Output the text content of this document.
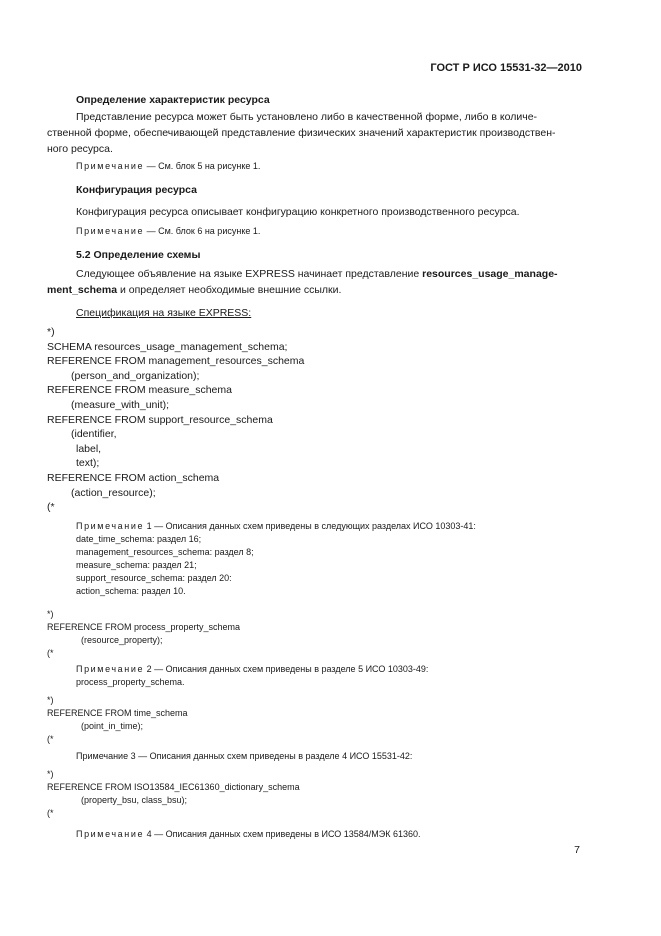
ГОСТ Р ИСО 15531-32—2010
Определение характеристик ресурса
Представление ресурса может быть установлено либо в качественной форме, либо в количе-
ственной форме, обеспечивающей представление физических значений характеристик производствен-
ного ресурса.
Примечание — См. блок 5 на рисунке 1.
Конфигурация ресурса
Конфигурация ресурса описывает конфигурацию конкретного производственного ресурса.
Примечание — См. блок 6 на рисунке 1.
5.2 Определение схемы
Следующее объявление на языке EXPRESS начинает представление resources_usage_manage-
ment_schema и определяет необходимые внешние ссылки.
Спецификация на языке EXPRESS:
*)
SCHEMA resources_usage_management_schema;
REFERENCE FROM management_resources_schema
(person_and_organization);
REFERENCE FROM measure_schema
(measure_with_unit);
REFERENCE FROM support_resource_schema
(identifier,
label,
text);
REFERENCE FROM action_schema
(action_resource);
(*
Примечание 1 — Описания данных схем приведены в следующих разделах ИСО 10303-41:
date_time_schema: раздел 16;
management_resources_schema: раздел 8;
measure_schema: раздел 21;
support_resource_schema: раздел 20:
action_schema: раздел 10.
*)
REFERENCE FROM process_property_schema
(resource_property);
(*
Примечание 2 — Описания данных схем приведены в разделе 5 ИСО 10303-49:
process_property_schema.
*)
REFERENCE FROM time_schema
(point_in_time);
(*
Примечание 3 — Описания данных схем приведены в разделе 4 ИСО 15531-42:
*)
REFERENCE FROM ISO13584_IEC61360_dictionary_schema
(property_bsu, class_bsu);
(*
Примечание 4 — Описания данных схем приведены в ИСО 13584/МЭК 61360.
7
